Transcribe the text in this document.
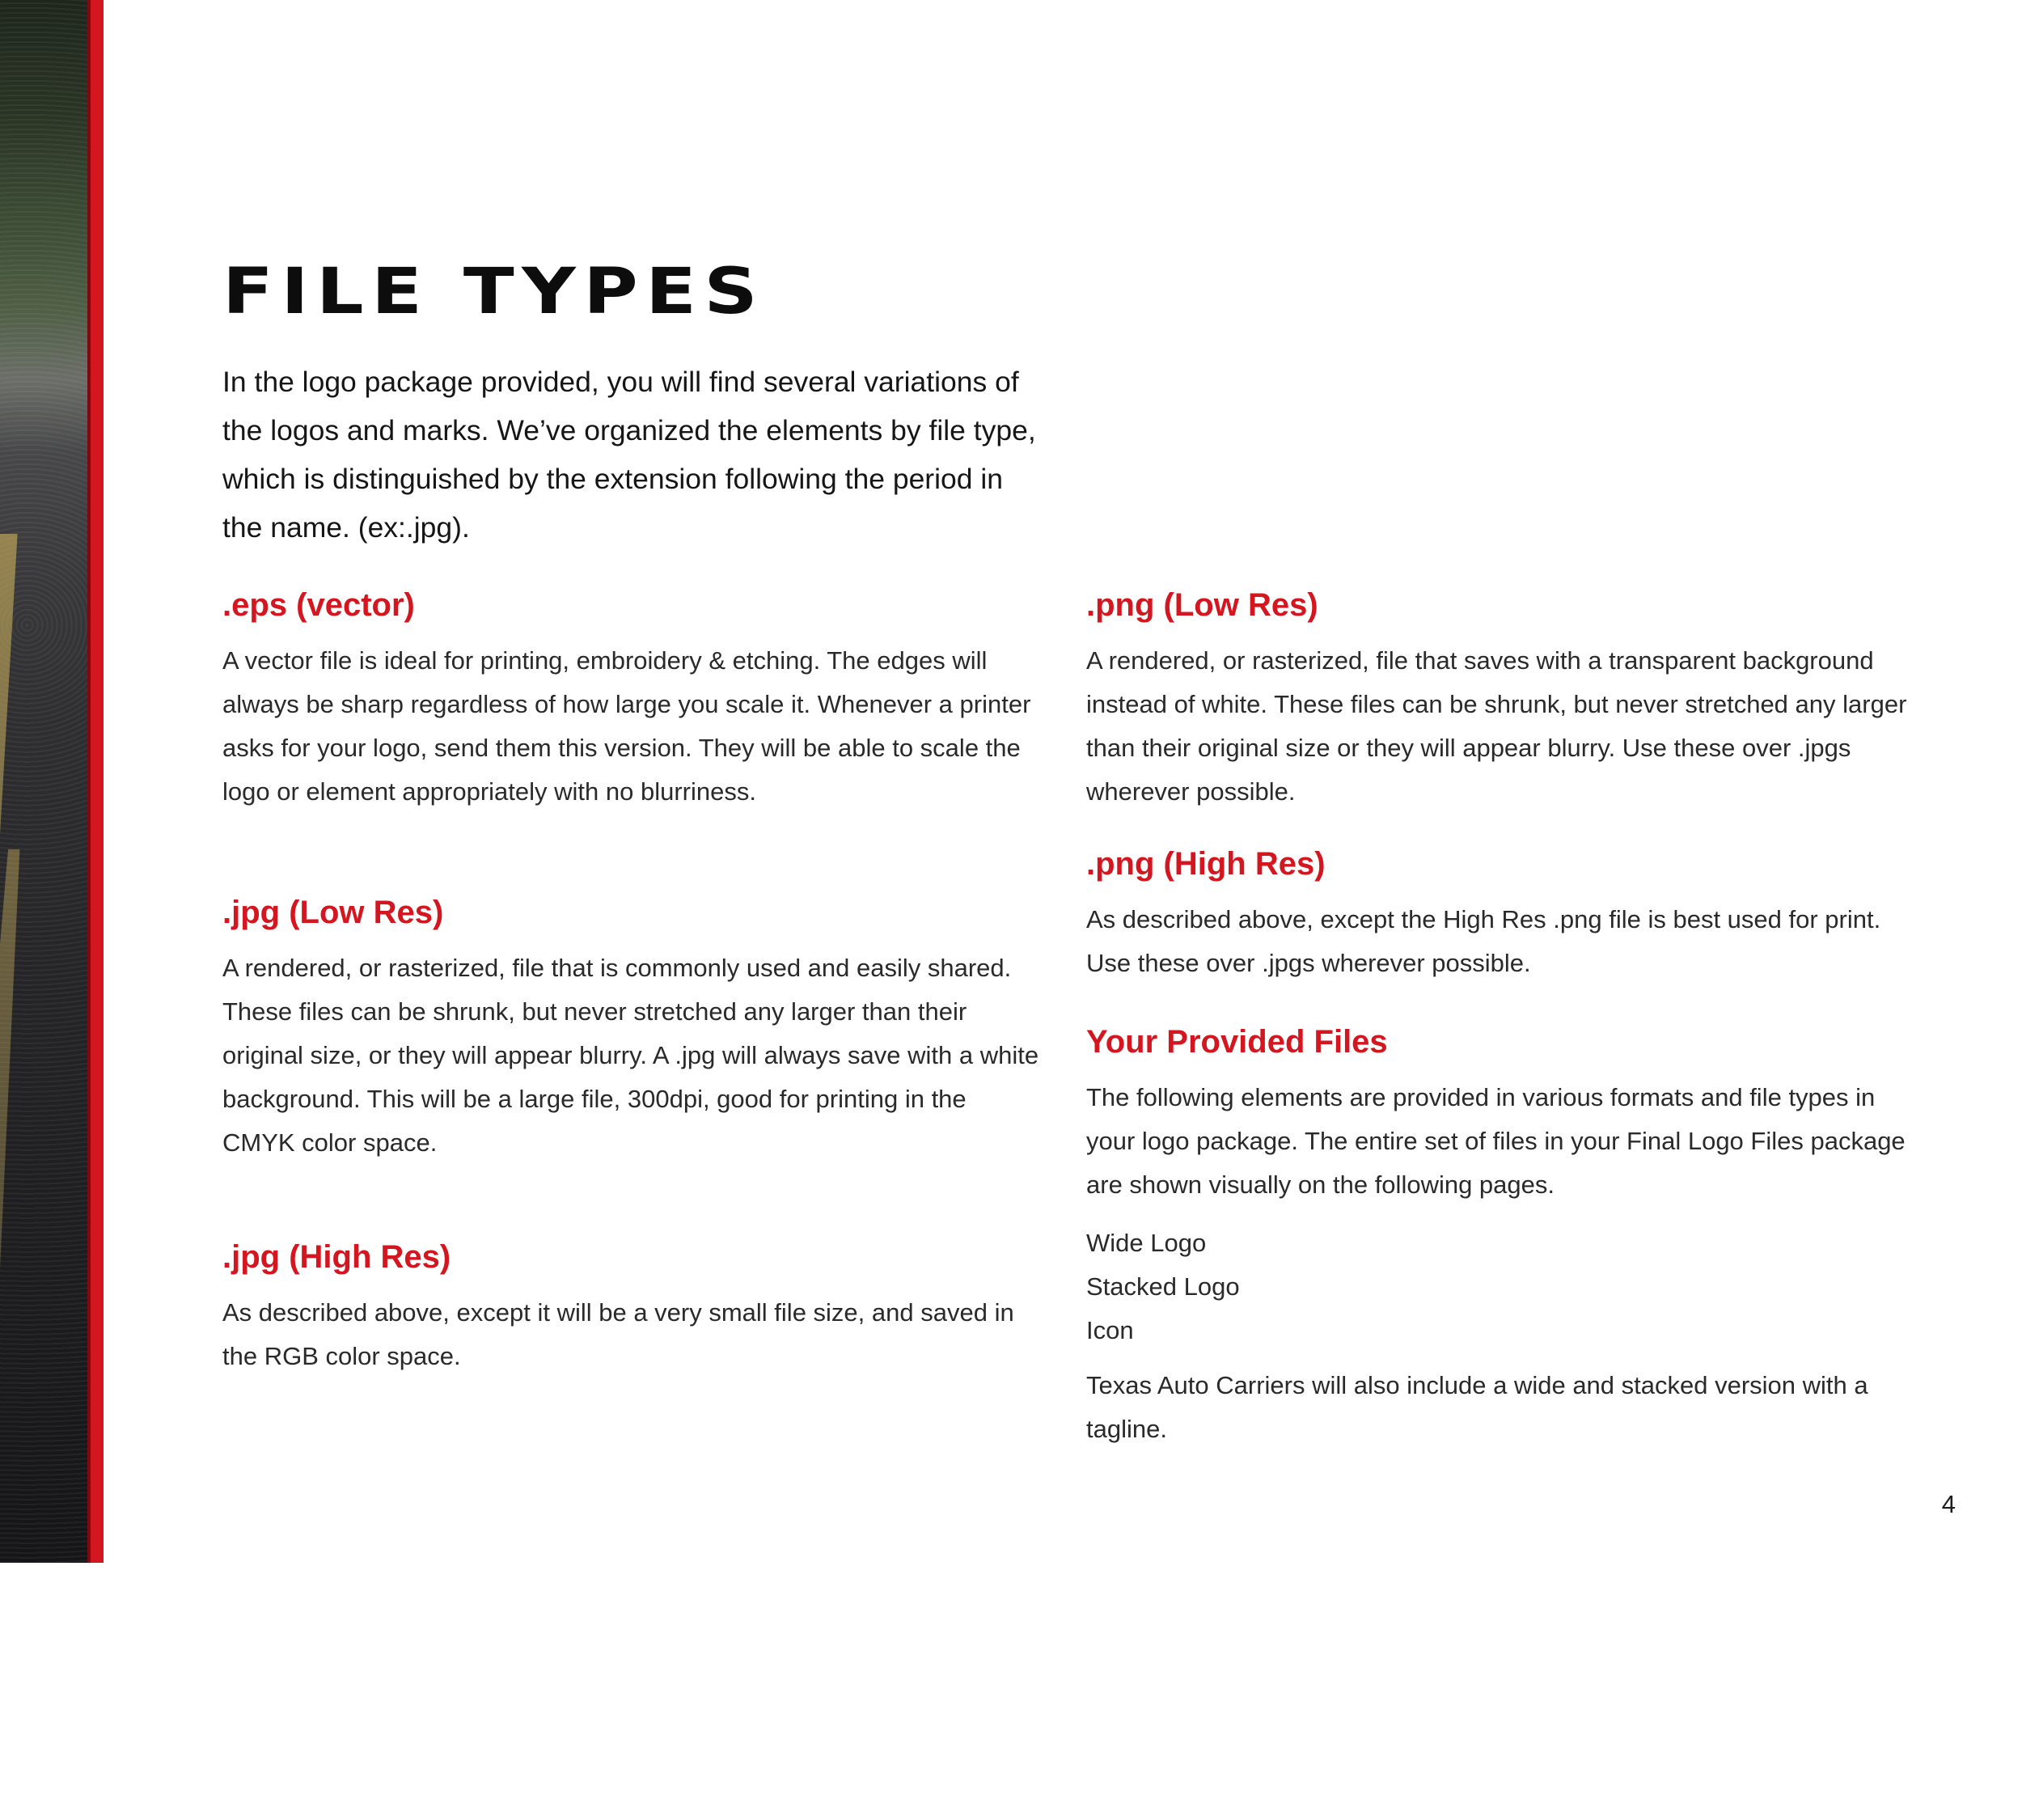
FILE TYPES
In the logo package provided, you will find several variations of the logos and marks. We’ve organized the elements by file type, which is distinguished by the extension following the period in the name. (ex:.jpg).
.eps (vector)

A vector file is ideal for printing, embroidery & etching. The edges will always be sharp regardless of how large you scale it. Whenever a printer asks for your logo, send them this version. They will be able to scale the logo or element appropriately with no blurriness.

.jpg (Low Res)

A rendered, or rasterized, file that is commonly used and easily shared. These files can be shrunk, but never stretched any larger than their original size, or they will appear blurry. A .jpg will always save with a white background. This will be a large file, 300dpi, good for printing in the CMYK color space.

.jpg (High Res)

As described above, except it will be a very small file size, and saved in the RGB color space.

.png (Low Res)

A rendered, or rasterized, file that saves with a transparent background instead of white. These files can be shrunk, but never stretched any larger than their original size or they will appear blurry. Use these over .jpgs wherever possible.

.png (High Res)

As described above, except the High Res .png file is best used for print. Use these over .jpgs wherever possible.

Your Provided Files

The following elements are provided in various formats and file types in your logo package. The entire set of files in your Final Logo Files package are shown visually on the following pages.

Wide Logo
Stacked Logo
Icon

Texas Auto Carriers will also include a wide and stacked version with a tagline.

4
